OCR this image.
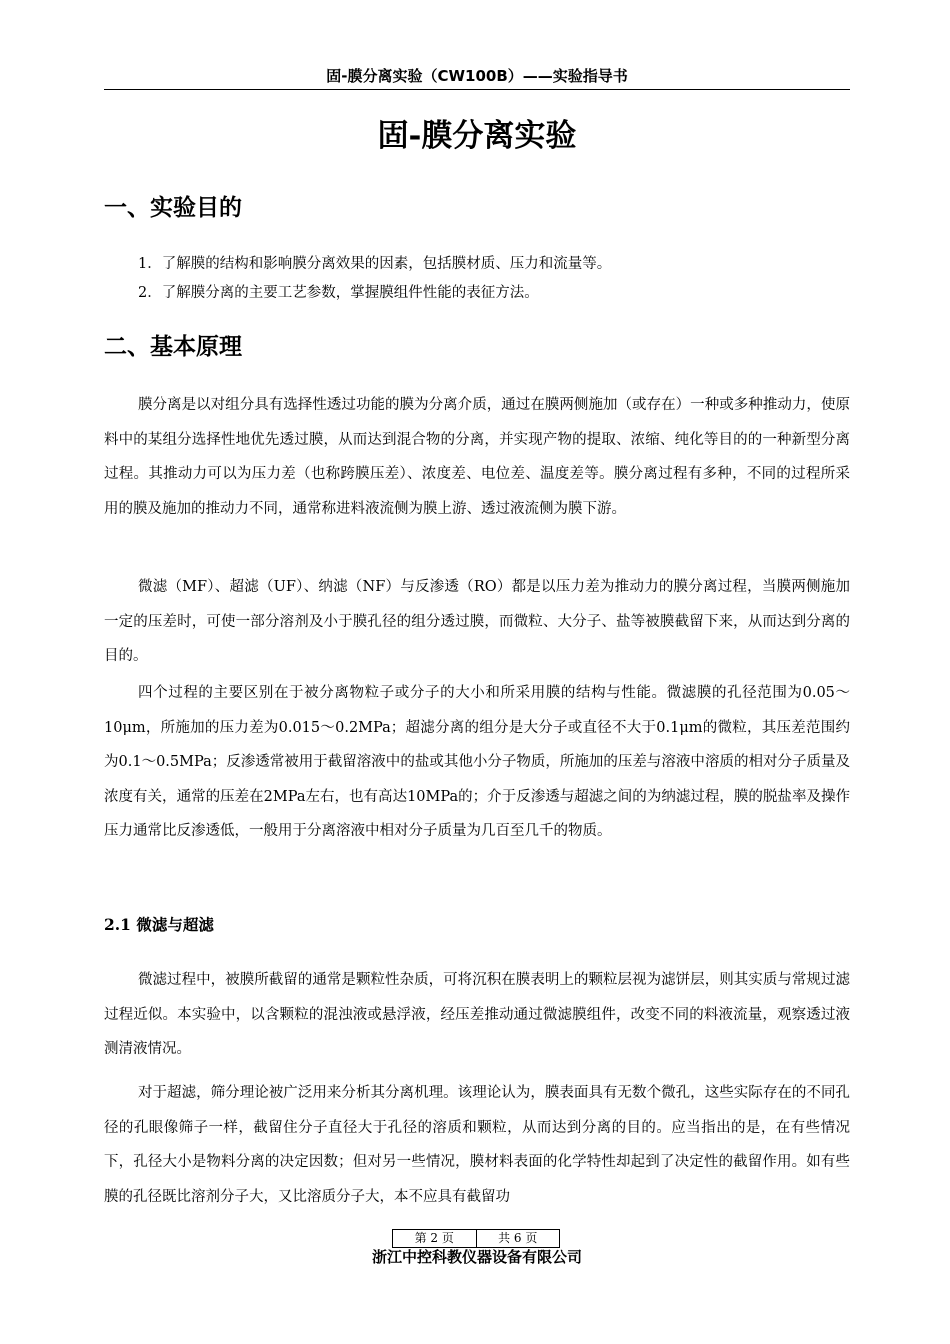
固-膜分离实验（CW100B）——实验指导书
固-膜分离实验
一、实验目的
1．了解膜的结构和影响膜分离效果的因素，包括膜材质、压力和流量等。
2．了解膜分离的主要工艺参数，掌握膜组件性能的表征方法。
二、基本原理

膜分离是以对组分具有选择性透过功能的膜为分离介质，通过在膜两侧施加（或存在）一种或多种推动力，使原料中的某组分选择性地优先透过膜，从而达到混合物的分离，并实现产物的提取、浓缩、纯化等目的的一种新型分离过程。其推动力可以为压力差（也称跨膜压差）、浓度差、电位差、温度差等。膜分离过程有多种，不同的过程所采用的膜及施加的推动力不同，通常称进料液流侧为膜上游、透过液流侧为膜下游。

微滤（MF）、超滤（UF）、纳滤（NF）与反渗透（RO）都是以压力差为推动力的膜分离过程，当膜两侧施加一定的压差时，可使一部分溶剂及小于膜孔径的组分透过膜，而微粒、大分子、盐等被膜截留下来，从而达到分离的目的。

四个过程的主要区别在于被分离物粒子或分子的大小和所采用膜的结构与性能。微滤膜的孔径范围为0.05～10μm，所施加的压力差为0.015～0.2MPa；超滤分离的组分是大分子或直径不大于0.1μm的微粒，其压差范围约为0.1～0.5MPa；反渗透常被用于截留溶液中的盐或其他小分子物质，所施加的压差与溶液中溶质的相对分子质量及浓度有关，通常的压差在2MPa左右，也有高达10MPa的；介于反渗透与超滤之间的为纳滤过程，膜的脱盐率及操作压力通常比反渗透低，一般用于分离溶液中相对分子质量为几百至几千的物质。

2.1 微滤与超滤

微滤过程中，被膜所截留的通常是颗粒性杂质，可将沉积在膜表明上的颗粒层视为滤饼层，则其实质与常规过滤过程近似。本实验中，以含颗粒的混浊液或悬浮液，经压差推动通过微滤膜组件，改变不同的料液流量，观察透过液测清液情况。

对于超滤，筛分理论被广泛用来分析其分离机理。该理论认为，膜表面具有无数个微孔，这些实际存在的不同孔径的孔眼像筛子一样，截留住分子直径大于孔径的溶质和颗粒，从而达到分离的目的。应当指出的是，在有些情况下，孔径大小是物料分离的决定因数；但对另一些情况，膜材料表面的化学特性却起到了决定性的截留作用。如有些膜的孔径既比溶剂分子大，又比溶质分子大，本不应具有截留功

第 2 页	共 6 页
浙江中控科教仪器设备有限公司
